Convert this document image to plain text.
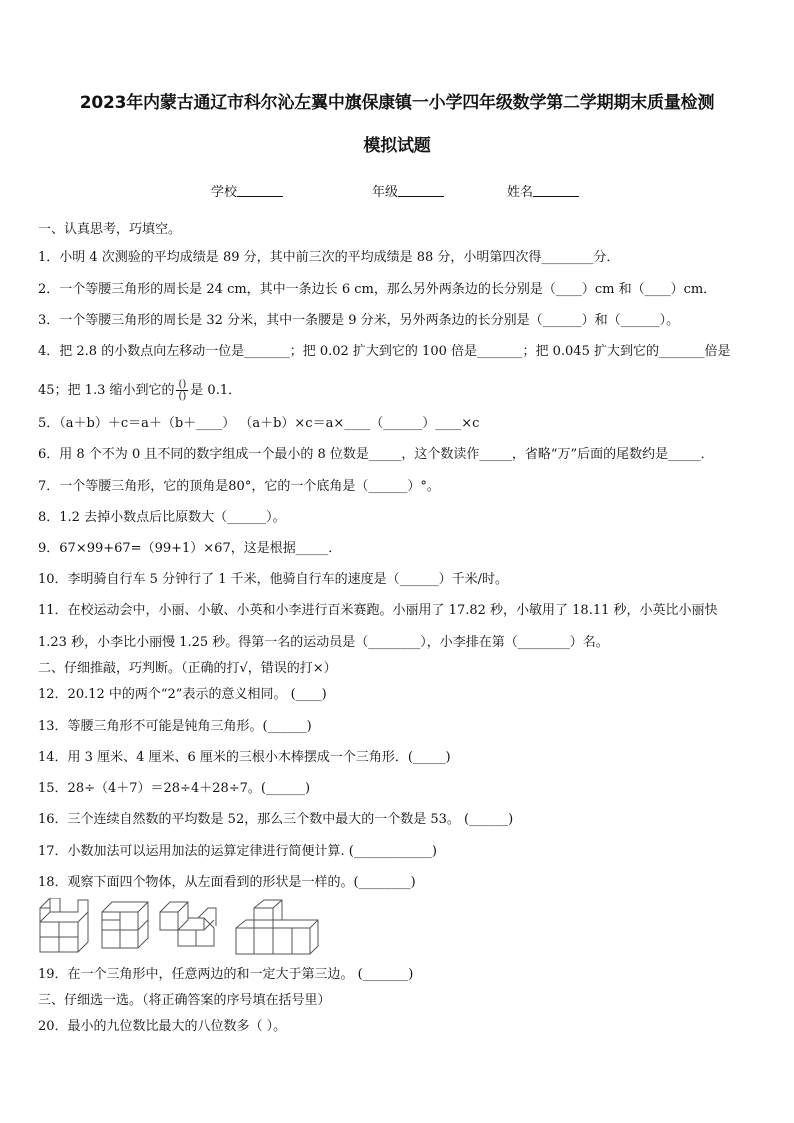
2023年内蒙古通辽市科尔沁左翼中旗保康镇一小学四年级数学第二学期期末质量检测
模拟试题
学校	年级	姓名
一、认真思考，巧填空。
1．小明 4 次测验的平均成绩是 89 分，其中前三次的平均成绩是 88 分，小明第四次得________分．
2．一个等腰三角形的周长是 24 cm，其中一条边长 6 cm，那么另外两条边的长分别是（____）cm 和（____）cm．
3．一个等腰三角形的周长是 32 分米，其中一条腰是 9 分米，另外两条边的长分别是（______）和（______）。
4．把 2.8 的小数点向左移动一位是_______；把 0.02 扩大到它的 100 倍是_______；把 0.045 扩大到它的_______倍是
45；把 1.3 缩小到它的 ()
() 是 0.1．
5．（a＋b）＋c＝a＋（b＋____） （a＋b）×c＝a×____（______）____×c
6．用 8 个不为 0 且不同的数字组成一个最小的 8 位数是_____，这个数读作_____，省略“万”后面的尾数约是_____．
7．一个等腰三角形，它的顶角是80°，它的一个底角是（______）°。
8．1.2 去掉小数点后比原数大（______）。
9．67×99+67=（99+1）×67，这是根据_____．
10．李明骑自行车 5 分钟行了 1 千米，他骑自行车的速度是（______）千米/时。
11．在校运动会中，小丽、小敏、小英和小李进行百米赛跑。小丽用了 17.82 秒，小敏用了 18.11 秒，小英比小丽快
1.23 秒，小李比小丽慢 1.25 秒。得第一名的运动员是（________），小李排在第（________）名。
二、仔细推敲，巧判断。（正确的打√，错误的打×）
12．20.12 中的两个“2”表示的意义相同。 (____)
13．等腰三角形不可能是钝角三角形。(______)
14．用 3 厘米、4 厘米、6 厘米的三根小木棒摆成一个三角形．(_____)
15．28÷（4＋7）＝28÷4＋28÷7。(______)
16．三个连续自然数的平均数是 52，那么三个数中最大的一个数是 53。 (______)
17．小数加法可以运用加法的运算定律进行简便计算. (____________)
18．观察下面四个物体，从左面看到的形状是一样的。(________)
19．在一个三角形中，任意两边的和一定大于第三边。 (_______)
三、仔细选一选。（将正确答案的序号填在括号里）
20．最小的九位数比最大的八位数多（ ）。
